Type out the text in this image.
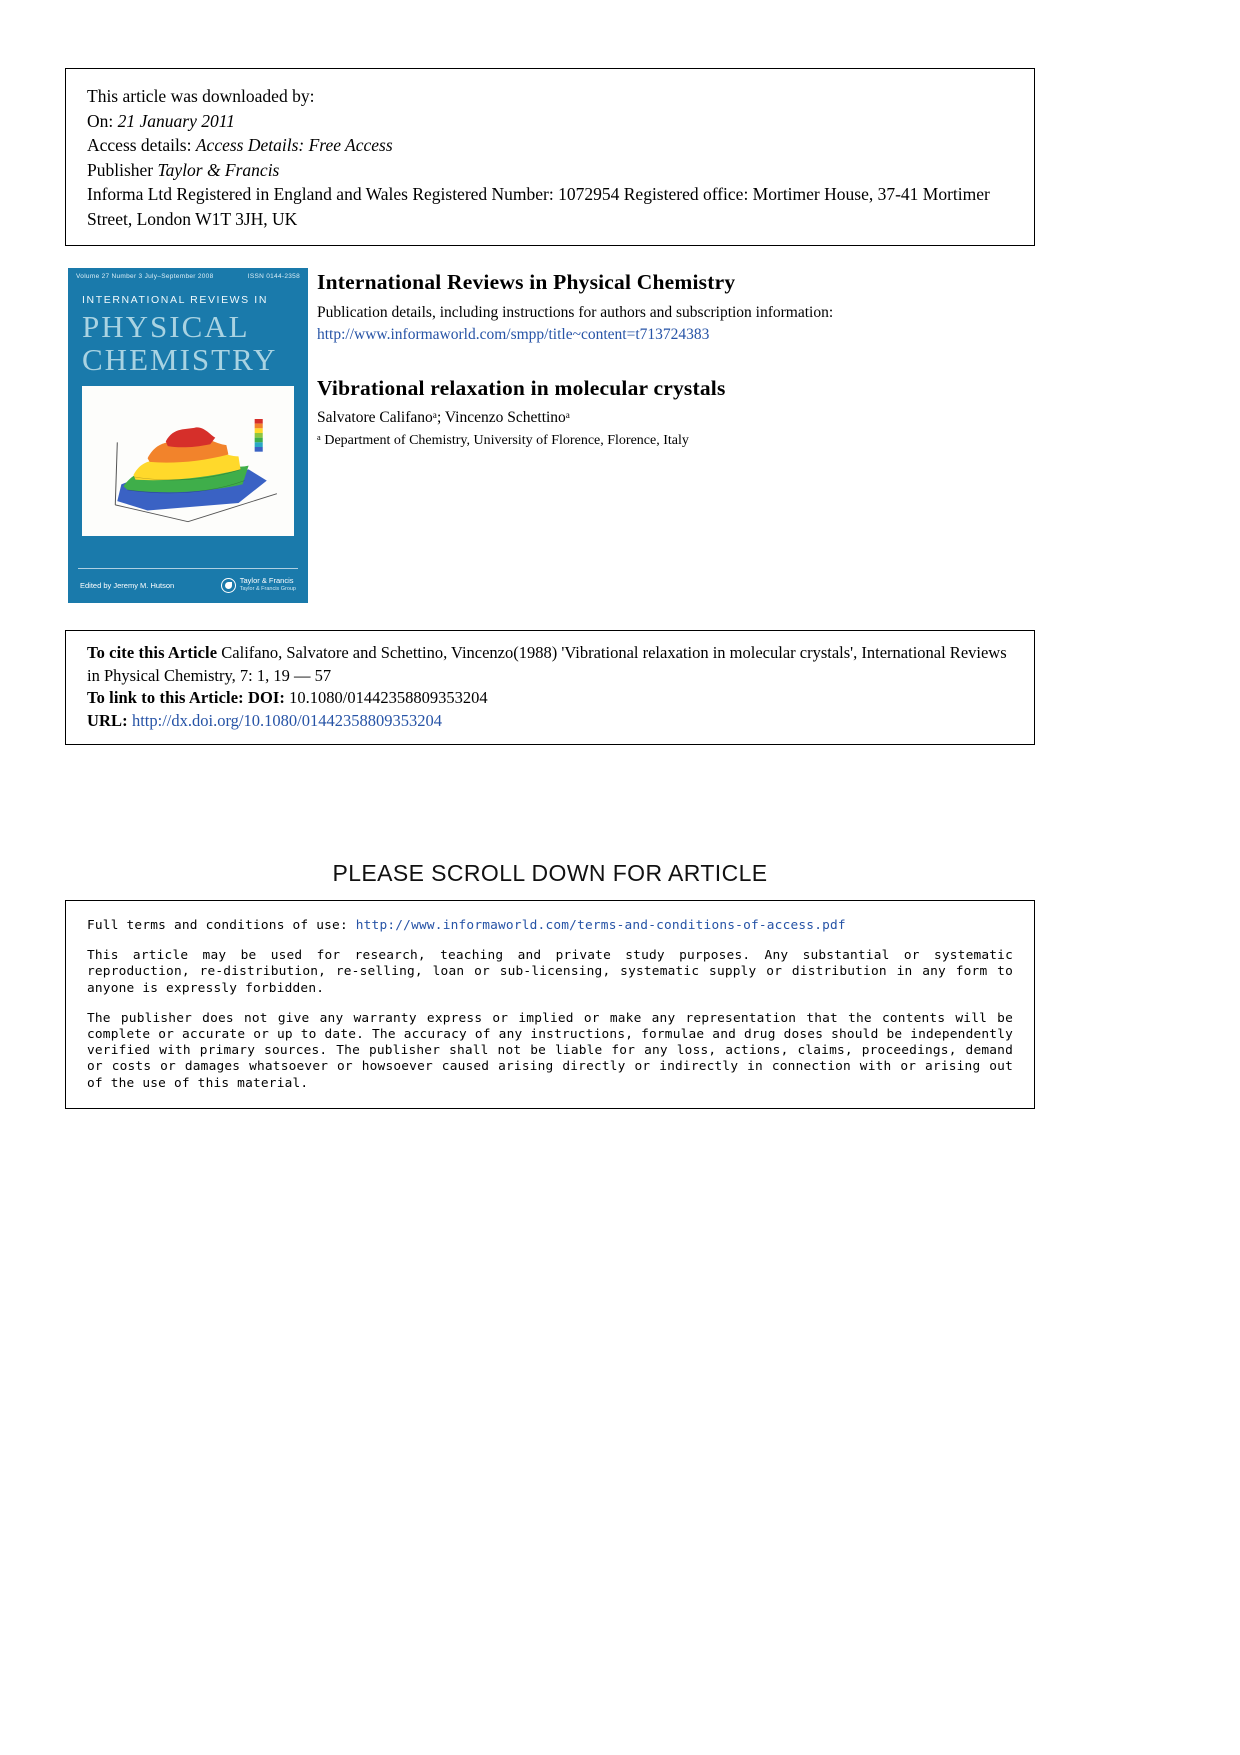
This article was downloaded by:
On: 21 January 2011
Access details: Access Details: Free Access
Publisher Taylor & Francis
Informa Ltd Registered in England and Wales Registered Number: 1072954 Registered office: Mortimer House, 37-41 Mortimer Street, London W1T 3JH, UK
Volume 27 Number 3 July–September 2008	ISSN 0144-2358
INTERNATIONAL REVIEWS IN
PHYSICAL
CHEMISTRY
Edited by Jeremy M. Hutson	Taylor & Francis
Taylor & Francis Group
International Reviews in Physical Chemistry
Publication details, including instructions for authors and subscription information:
http://www.informaworld.com/smpp/title~content=t713724383
Vibrational relaxation in molecular crystals
Salvatore Califanoᵃ; Vincenzo Schettinoᵃ
ᵃ Department of Chemistry, University of Florence, Florence, Italy
To cite this Article Califano, Salvatore and Schettino, Vincenzo(1988) 'Vibrational relaxation in molecular crystals', International Reviews in Physical Chemistry, 7: 1, 19 — 57
To link to this Article: DOI: 10.1080/01442358809353204
URL: http://dx.doi.org/10.1080/01442358809353204
PLEASE SCROLL DOWN FOR ARTICLE
Full terms and conditions of use: http://www.informaworld.com/terms-and-conditions-of-access.pdf

This article may be used for research, teaching and private study purposes. Any substantial or systematic reproduction, re-distribution, re-selling, loan or sub-licensing, systematic supply or distribution in any form to anyone is expressly forbidden.

The publisher does not give any warranty express or implied or make any representation that the contents will be complete or accurate or up to date. The accuracy of any instructions, formulae and drug doses should be independently verified with primary sources. The publisher shall not be liable for any loss, actions, claims, proceedings, demand or costs or damages whatsoever or howsoever caused arising directly or indirectly in connection with or arising out of the use of this material.
